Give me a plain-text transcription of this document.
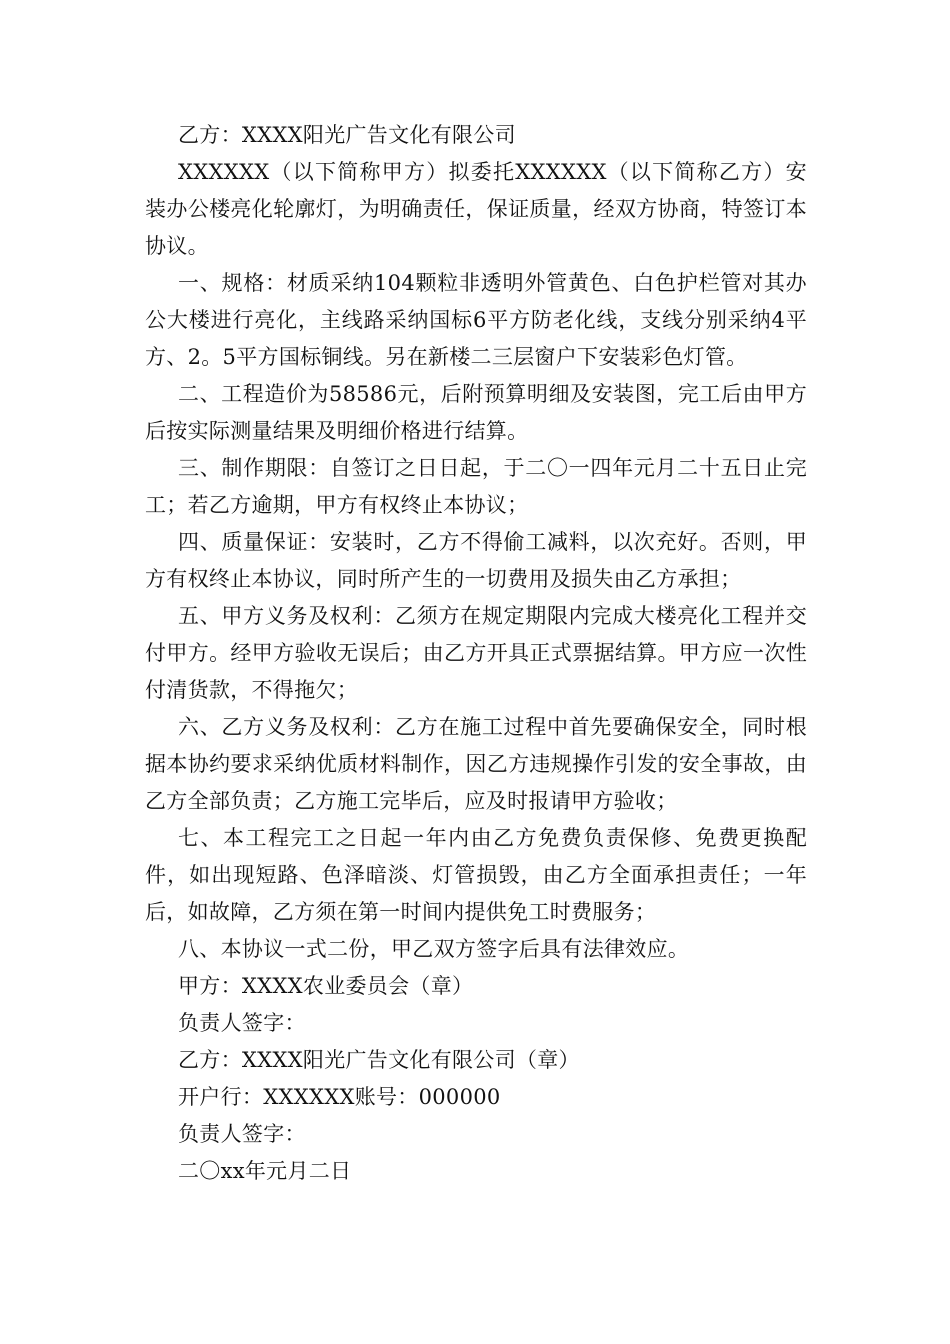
乙方：XXXX阳光广告文化有限公司

XXXXXX（以下简称甲方）拟委托XXXXXX（以下简称乙方）安装办公楼亮化轮廓灯，为明确责任，保证质量，经双方协商，特签订本协议。

一、规格：材质采纳104颗粒非透明外管黄色、白色护栏管对其办公大楼进行亮化，主线路采纳国标6平方防老化线，支线分别采纳4平方、2。5平方国标铜线。另在新楼二三层窗户下安装彩色灯管。

二、工程造价为58586元，后附预算明细及安装图，完工后由甲方后按实际测量结果及明细价格进行结算。

三、制作期限：自签订之日日起，于二〇一四年元月二十五日止完工；若乙方逾期，甲方有权终止本协议；

四、质量保证：安装时，乙方不得偷工减料，以次充好。否则，甲方有权终止本协议，同时所产生的一切费用及损失由乙方承担；

五、甲方义务及权利：乙须方在规定期限内完成大楼亮化工程并交付甲方。经甲方验收无误后；由乙方开具正式票据结算。甲方应一次性付清货款，不得拖欠；

六、乙方义务及权利：乙方在施工过程中首先要确保安全，同时根据本协约要求采纳优质材料制作，因乙方违规操作引发的安全事故，由乙方全部负责；乙方施工完毕后，应及时报请甲方验收；

七、本工程完工之日起一年内由乙方免费负责保修、免费更换配件，如出现短路、色泽暗淡、灯管损毁，由乙方全面承担责任；一年后，如故障，乙方须在第一时间内提供免工时费服务；

八、本协议一式二份，甲乙双方签字后具有法律效应。

甲方：XXXX农业委员会（章）

负责人签字：

乙方：XXXX阳光广告文化有限公司（章）

开户行：XXXXXX账号：000000

负责人签字：

二〇xx年元月二日
